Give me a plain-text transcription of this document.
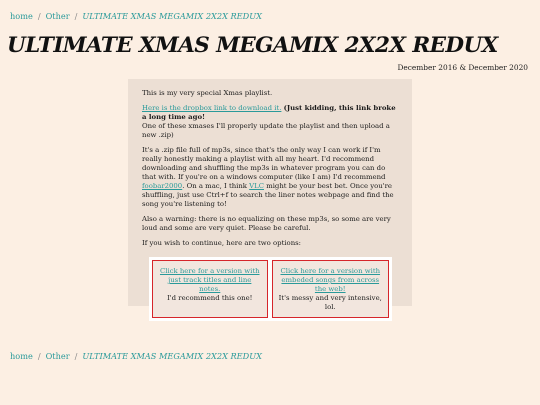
home / Other / ULTIMATE XMAS MEGAMIX 2X2X REDUX
ULTIMATE XMAS MEGAMIX 2X2X REDUX
December 2016 & December 2020

This is my very special Xmas playlist.

Here is the dropbox link to download it. (Just kidding, this link broke a long time ago!
One of these xmases I'll properly update the playlist and then upload a new .zip)

It's a .zip file full of mp3s, since that's the only way I can work if I'm really honestly making a playlist with all my heart. I'd recommend downloading and shuffling the mp3s in whatever program you can do that with. If you're on a windows computer (like I am) I'd recommend foobar2000. On a mac, I think VLC might be your best bet. Once you're shuffling, just use Ctrl+f to search the liner notes webpage and find the song you're listening to!

Also a warning: there is no equalizing on these mp3s, so some are very loud and some are very quiet. Please be careful.

If you wish to continue, here are two options:

Click here for a version with just track titles and line notes.
I'd recommend this one!
Click here for a version with embeded songs from across the web!
It's messy and very intensive, lol.
home / Other / ULTIMATE XMAS MEGAMIX 2X2X REDUX
